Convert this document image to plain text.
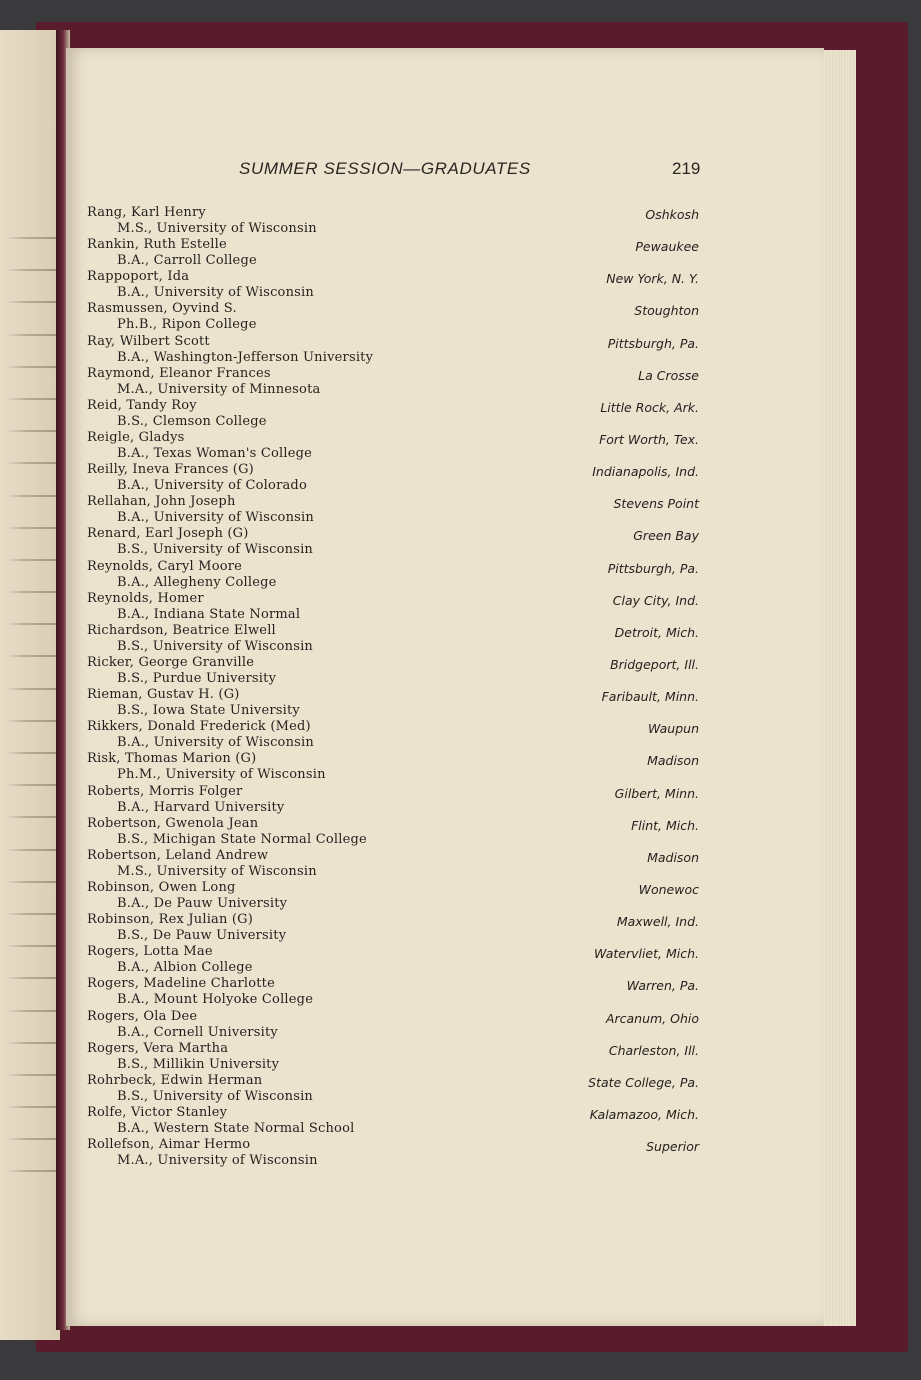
SUMMER SESSION—GRADUATES	219
Rang, Karl Henry
M.S., University of Wisconsin
Oshkosh
Rankin, Ruth Estelle
B.A., Carroll College
Pewaukee
Rappoport, Ida
B.A., University of Wisconsin
New York, N. Y.
Rasmussen, Oyvind S.
Ph.B., Ripon College
Stoughton
Ray, Wilbert Scott
B.A., Washington-Jefferson University
Pittsburgh, Pa.
Raymond, Eleanor Frances
M.A., University of Minnesota
La Crosse
Reid, Tandy Roy
B.S., Clemson College
Little Rock, Ark.
Reigle, Gladys
B.A., Texas Woman's College
Fort Worth, Tex.
Reilly, Ineva Frances (G)
B.A., University of Colorado
Indianapolis, Ind.
Rellahan, John Joseph
B.A., University of Wisconsin
Stevens Point
Renard, Earl Joseph (G)
B.S., University of Wisconsin
Green Bay
Reynolds, Caryl Moore
B.A., Allegheny College
Pittsburgh, Pa.
Reynolds, Homer
B.A., Indiana State Normal
Clay City, Ind.
Richardson, Beatrice Elwell
B.S., University of Wisconsin
Detroit, Mich.
Ricker, George Granville
B.S., Purdue University
Bridgeport, Ill.
Rieman, Gustav H. (G)
B.S., Iowa State University
Faribault, Minn.
Rikkers, Donald Frederick (Med)
B.A., University of Wisconsin
Waupun
Risk, Thomas Marion (G)
Ph.M., University of Wisconsin
Madison
Roberts, Morris Folger
B.A., Harvard University
Gilbert, Minn.
Robertson, Gwenola Jean
B.S., Michigan State Normal College
Flint, Mich.
Robertson, Leland Andrew
M.S., University of Wisconsin
Madison
Robinson, Owen Long
B.A., De Pauw University
Wonewoc
Robinson, Rex Julian (G)
B.S., De Pauw University
Maxwell, Ind.
Rogers, Lotta Mae
B.A., Albion College
Watervliet, Mich.
Rogers, Madeline Charlotte
B.A., Mount Holyoke College
Warren, Pa.
Rogers, Ola Dee
B.A., Cornell University
Arcanum, Ohio
Rogers, Vera Martha
B.S., Millikin University
Charleston, Ill.
Rohrbeck, Edwin Herman
B.S., University of Wisconsin
State College, Pa.
Rolfe, Victor Stanley
B.A., Western State Normal School
Kalamazoo, Mich.
Rollefson, Aimar Hermo
M.A., University of Wisconsin
Superior
